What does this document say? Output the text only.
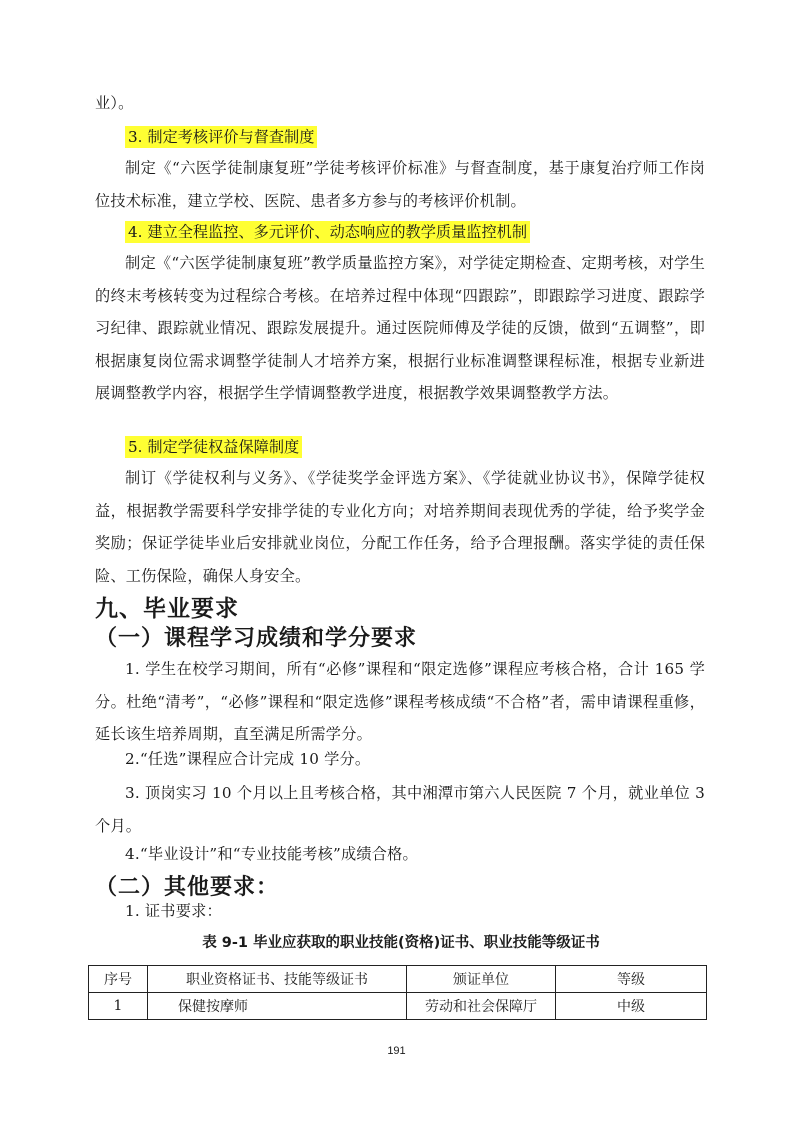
业）。
3. 制定考核评价与督查制度
制定《“六医学徒制康复班”学徒考核评价标准》与督查制度，基于康复治疗师工作岗位技术标准，建立学校、医院、患者多方参与的考核评价机制。
4. 建立全程监控、多元评价、动态响应的教学质量监控机制
制定《“六医学徒制康复班”教学质量监控方案》，对学徒定期检查、定期考核，对学生的终末考核转变为过程综合考核。在培养过程中体现“四跟踪”，即跟踪学习进度、跟踪学习纪律、跟踪就业情况、跟踪发展提升。通过医院师傅及学徒的反馈，做到“五调整”，即根据康复岗位需求调整学徒制人才培养方案，根据行业标准调整课程标准，根据专业新进展调整教学内容，根据学生学情调整教学进度，根据教学效果调整教学方法。
5. 制定学徒权益保障制度
制订《学徒权利与义务》、《学徒奖学金评选方案》、《学徒就业协议书》，保障学徒权益，根据教学需要科学安排学徒的专业化方向；对培养期间表现优秀的学徒，给予奖学金奖励；保证学徒毕业后安排就业岗位，分配工作任务，给予合理报酬。落实学徒的责任保险、工伤保险，确保人身安全。
九、毕业要求
（一）课程学习成绩和学分要求
1. 学生在校学习期间，所有“必修”课程和“限定选修”课程应考核合格，合计 165 学分。杜绝“清考”，“必修”课程和“限定选修”课程考核成绩“不合格”者，需申请课程重修，延长该生培养周期，直至满足所需学分。
2.“任选”课程应合计完成 10 学分。
3. 顶岗实习 10 个月以上且考核合格，其中湘潭市第六人民医院 7 个月，就业单位 3 个月。
4.“毕业设计”和“专业技能考核”成绩合格。
（二）其他要求：
1. 证书要求：
表 9-1 毕业应获取的职业技能(资格)证书、职业技能等级证书
序号	职业资格证书、技能等级证书	颁证单位	等级
1	保健按摩师	劳动和社会保障厅	中级
191
